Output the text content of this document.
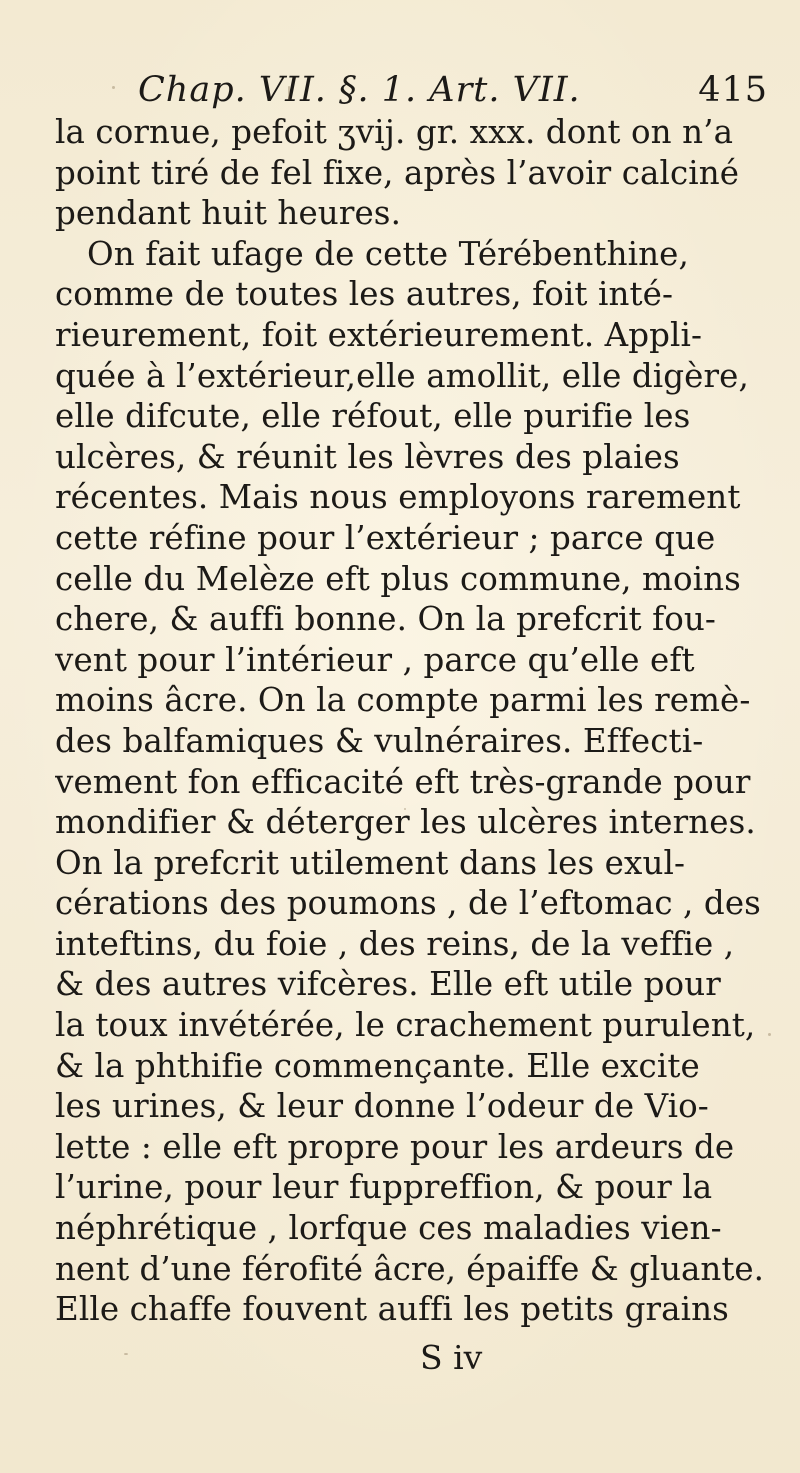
Chap. VII. §. 1. Art. VII.	415
la cornue, pefoit ʒvij. gr. xxx. dont on n’a
point tiré de fel fixe, après l’avoir calciné
pendant huit heures.
On fait ufage de cette Térébenthine,
comme de toutes les autres, foit inté-
rieurement, foit extérieurement. Appli-
quée à l’extérieur,elle amollit, elle digère,
elle difcute, elle réfout, elle purifie les
ulcères, & réunit les lèvres des plaies
récentes. Mais nous employons rarement
cette réfine pour l’extérieur ; parce que
celle du Melèze eft plus commune, moins
chere, & auffi bonne. On la prefcrit fou-
vent pour l’intérieur , parce qu’elle eft
moins âcre. On la compte parmi les remè-
des balfamiques & vulnéraires. Effecti-
vement fon efficacité eft très-grande pour
mondifier & déterger les ulcères internes.
On la prefcrit utilement dans les exul-
cérations des poumons , de l’eftomac , des
inteftins, du foie , des reins, de la veffie ,
& des autres vifcères. Elle eft utile pour
la toux invétérée, le crachement purulent,
& la phthifie commençante. Elle excite
les urines, & leur donne l’odeur de Vio-
lette : elle eft propre pour les ardeurs de
l’urine, pour leur fuppreffion, & pour la
néphrétique , lorfque ces maladies vien-
nent d’une férofité âcre, épaiffe & gluante.
Elle chaffe fouvent auffi les petits grains
S iv
